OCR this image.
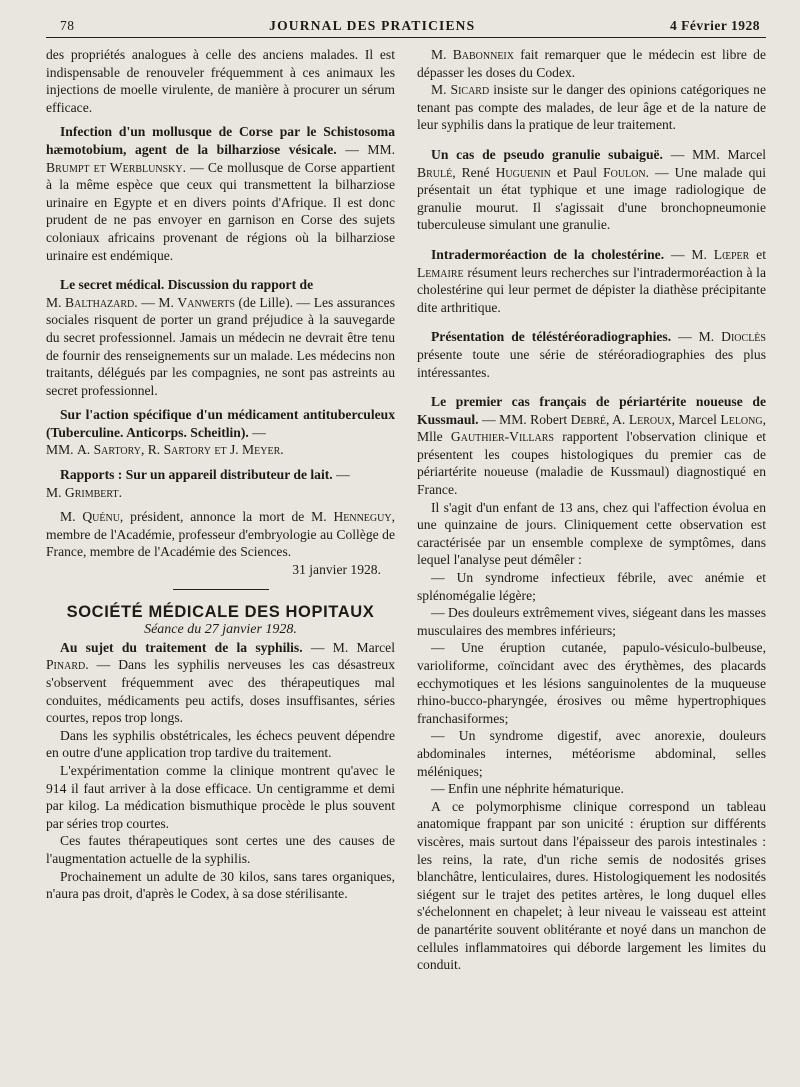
78	JOURNAL DES PRATICIENS	4 Février 1928

des propriétés analogues à celle des anciens malades. Il est indispensable de renouveler fréquemment à ces animaux les injections de moelle virulente, de manière à procurer un sérum efficace.

Infection d'un mollusque de Corse par le Schistosoma hæmotobium, agent de la bilharziose vésicale. — MM. Brumpt et Werblunsky. — Ce mollusque de Corse appartient à la même espèce que ceux qui transmettent la bilharziose urinaire en Egypte et en divers points d'Afrique. Il est donc prudent de ne pas envoyer en garnison en Corse des sujets coloniaux africains provenant de régions où la bilharziose urinaire est endémique.

Le secret médical. Discussion du rapport de

M. Balthazard. — M. Vanwerts (de Lille). — Les assurances sociales risquent de porter un grand préjudice à la sauvegarde du secret professionnel. Jamais un médecin ne devrait être tenu de fournir des renseignements sur un malade. Les médecins non traitants, délégués par les compagnies, ne sont pas astreints au secret professionnel.

Sur l'action spécifique d'un médicament antituberculeux (Tuberculine. Anticorps. Scheitlin). —

MM. A. Sartory, R. Sartory et J. Meyer.

Rapports : Sur un appareil distributeur de lait. —

M. Grimbert.

M. Quénu, président, annonce la mort de M. Henneguy, membre de l'Académie, professeur d'embryologie au Collège de France, membre de l'Académie des Sciences.

31 janvier 1928.

SOCIÉTÉ MÉDICALE DES HOPITAUX

Séance du 27 janvier 1928.

Au sujet du traitement de la syphilis. — M. Marcel Pinard. — Dans les syphilis nerveuses les cas désastreux s'observent fréquemment avec des thérapeutiques mal conduites, médicaments peu actifs, doses insuffisantes, séries courtes, repos trop longs.

Dans les syphilis obstétricales, les échecs peuvent dépendre en outre d'une application trop tardive du traitement.

L'expérimentation comme la clinique montrent qu'avec le 914 il faut arriver à la dose efficace. Un centigramme et demi par kilog. La médication bismuthique procède le plus souvent par séries trop courtes.

Ces fautes thérapeutiques sont certes une des causes de l'augmentation actuelle de la syphilis.

Prochainement un adulte de 30 kilos, sans tares organiques, n'aura pas droit, d'après le Codex, à sa dose stérilisante.

M. Babonneix fait remarquer que le médecin est libre de dépasser les doses du Codex.

M. Sicard insiste sur le danger des opinions catégoriques ne tenant pas compte des malades, de leur âge et de la nature de leur syphilis dans la pratique de leur traitement.

Un cas de pseudo granulie subaiguë. — MM. Marcel Brulé, René Huguenin et Paul Foulon. — Une malade qui présentait un état typhique et une image radiologique de granulie mourut. Il s'agissait d'une bronchopneumonie tuberculeuse simulant une granulie.

Intradermoréaction de la cholestérine. — M. Lœper et Lemaire résument leurs recherches sur l'intradermoréaction à la cholestérine qui leur permet de dépister la diathèse précipitante dite arthritique.

Présentation de téléstéréoradiographies. — M. Dioclès présente toute une série de stéréoradiographies des plus intéressantes.

Le premier cas français de périartérite noueuse de Kussmaul. — MM. Robert Debré, A. Leroux, Marcel Lelong, Mlle Gauthier-Villars rapportent l'observation clinique et présentent les coupes histologiques du premier cas de périartérite noueuse (maladie de Kussmaul) diagnostiqué en France.

Il s'agit d'un enfant de 13 ans, chez qui l'affection évolua en une quinzaine de jours. Cliniquement cette observation est caractérisée par un ensemble complexe de symptômes, dans lequel l'analyse peut démêler :

— Un syndrome infectieux fébrile, avec anémie et splénomégalie légère;

— Des douleurs extrêmement vives, siégeant dans les masses musculaires des membres inférieurs;

— Une éruption cutanée, papulo-vésiculo-bulbeuse, varioliforme, coïncidant avec des érythèmes, des placards ecchymotiques et les lésions sanguinolentes de la muqueuse rhino-bucco-pharyngée, érosives ou même hypertrophiques franchasiformes;

— Un syndrome digestif, avec anorexie, douleurs abdominales internes, météorisme abdominal, selles méléniques;

— Enfin une néphrite hématurique.

A ce polymorphisme clinique correspond un tableau anatomique frappant par son unicité : éruption sur différents viscères, mais surtout dans l'épaisseur des parois intestinales : les reins, la rate, d'un riche semis de nodosités grises blanchâtre, lenticulaires, dures. Histologiquement les nodosités siégent sur le trajet des petites artères, le long duquel elles s'échelonnent en chapelet; à leur niveau le vaisseau est atteint de panartérite souvent oblitérante et noyé dans un manchon de cellules inflammatoires qui déborde largement les limites du conduit.
